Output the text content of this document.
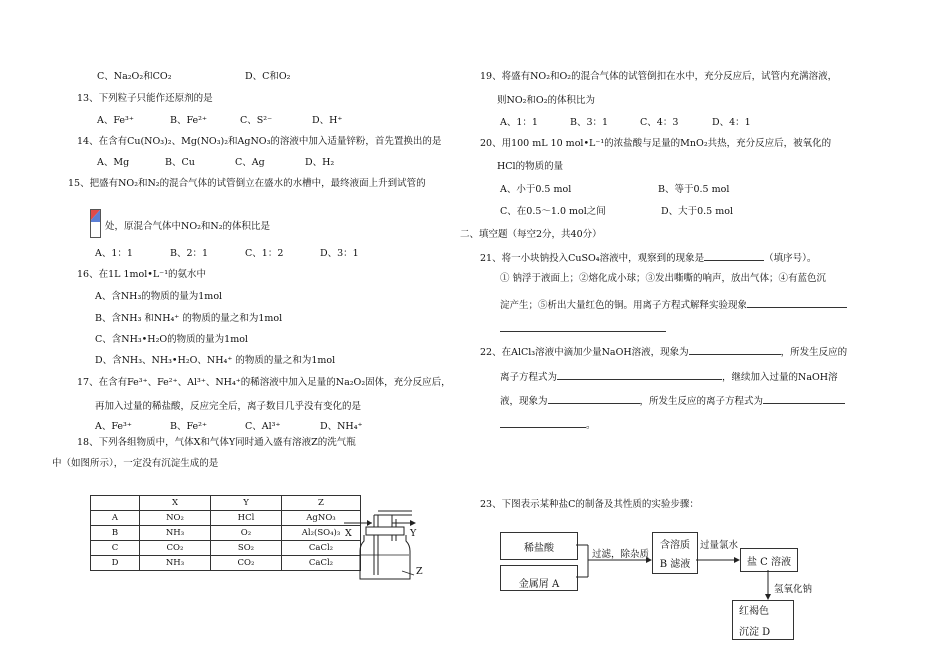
C、Na₂O₂和CO₂	D、C和O₂
13、下列粒子只能作还原剂的是
A、Fe³⁺	B、Fe²⁺	C、S²⁻	D、H⁺
14、在含有Cu(NO₃)₂、Mg(NO₃)₂和AgNO₃的溶液中加入适量锌粉，首先置换出的是
A、Mg	B、Cu	C、Ag	D、H₂
15、把盛有NO₂和N₂的混合气体的试管倒立在盛水的水槽中，最终液面上升到试管的
处，原混合气体中NO₂和N₂的体积比是
A、1：1	B、2：1	C、1：2	D、3：1
16、在1L 1mol•L⁻¹的氨水中
A、含NH₃的物质的量为1mol
B、含NH₃ 和NH₄⁺ 的物质的量之和为1mol
C、含NH₃•H₂O的物质的量为1mol
D、含NH₃、NH₃•H₂O、NH₄⁺ 的物质的量之和为1mol
17、在含有Fe³⁺、Fe²⁺、Al³⁺、NH₄⁺的稀溶液中加入足量的Na₂O₂固体，充分反应后，
再加入过量的稀盐酸，反应完全后，离子数目几乎没有变化的是
A、Fe³⁺	B、Fe²⁺	C、Al³⁺	D、NH₄⁺
18、下列各组物质中，气体X和气体Y同时通入盛有溶液Z的洗气瓶
中（如图所示），一定没有沉淀生成的是
	X	Y	Z
A	NO₂	HCl	AgNO₃
B	NH₃	O₂	Al₂(SO₄)₃
C	CO₂	SO₂	CaCl₂
D	NH₃	CO₂	CaCl₂
X	Y
Z
19、将盛有NO₂和O₂的混合气体的试管倒扣在水中，充分反应后，试管内充满溶液，
则NO₂和O₂的体积比为
A、1：1	B、3：1	C、4：3	D、4：1
20、用100 mL 10 mol•L⁻¹的浓盐酸与足量的MnO₂共热，充分反应后，被氧化的
HCl的物质的量
A、小于0.5 mol	B、等于0.5 mol
C、在0.5～1.0 mol之间	D、大于0.5 mol
二、填空题（每空2分，共40分）
21、将一小块钠投入CuSO₄溶液中，观察到的现象是	（填序号）。
① 钠浮于液面上；②熔化成小球；③发出嘶嘶的响声，放出气体；④有蓝色沉
淀产生；⑤析出大量红色的铜。用离子方程式解释实验现象
22、在AlCl₃溶液中滴加少量NaOH溶液，现象为	，所发生反应的
离子方程式为	，继续加入过量的NaOH溶
液，现象为	，所发生反应的离子方程式为
。
23、下图表示某种盐C的制备及其性质的实验步骤：
稀盐酸
金属屑 A
含溶质
B 滤液	盐 C 溶液
红褐色
沉淀 D
过滤，除杂质
过量氯水
氢氧化钠
